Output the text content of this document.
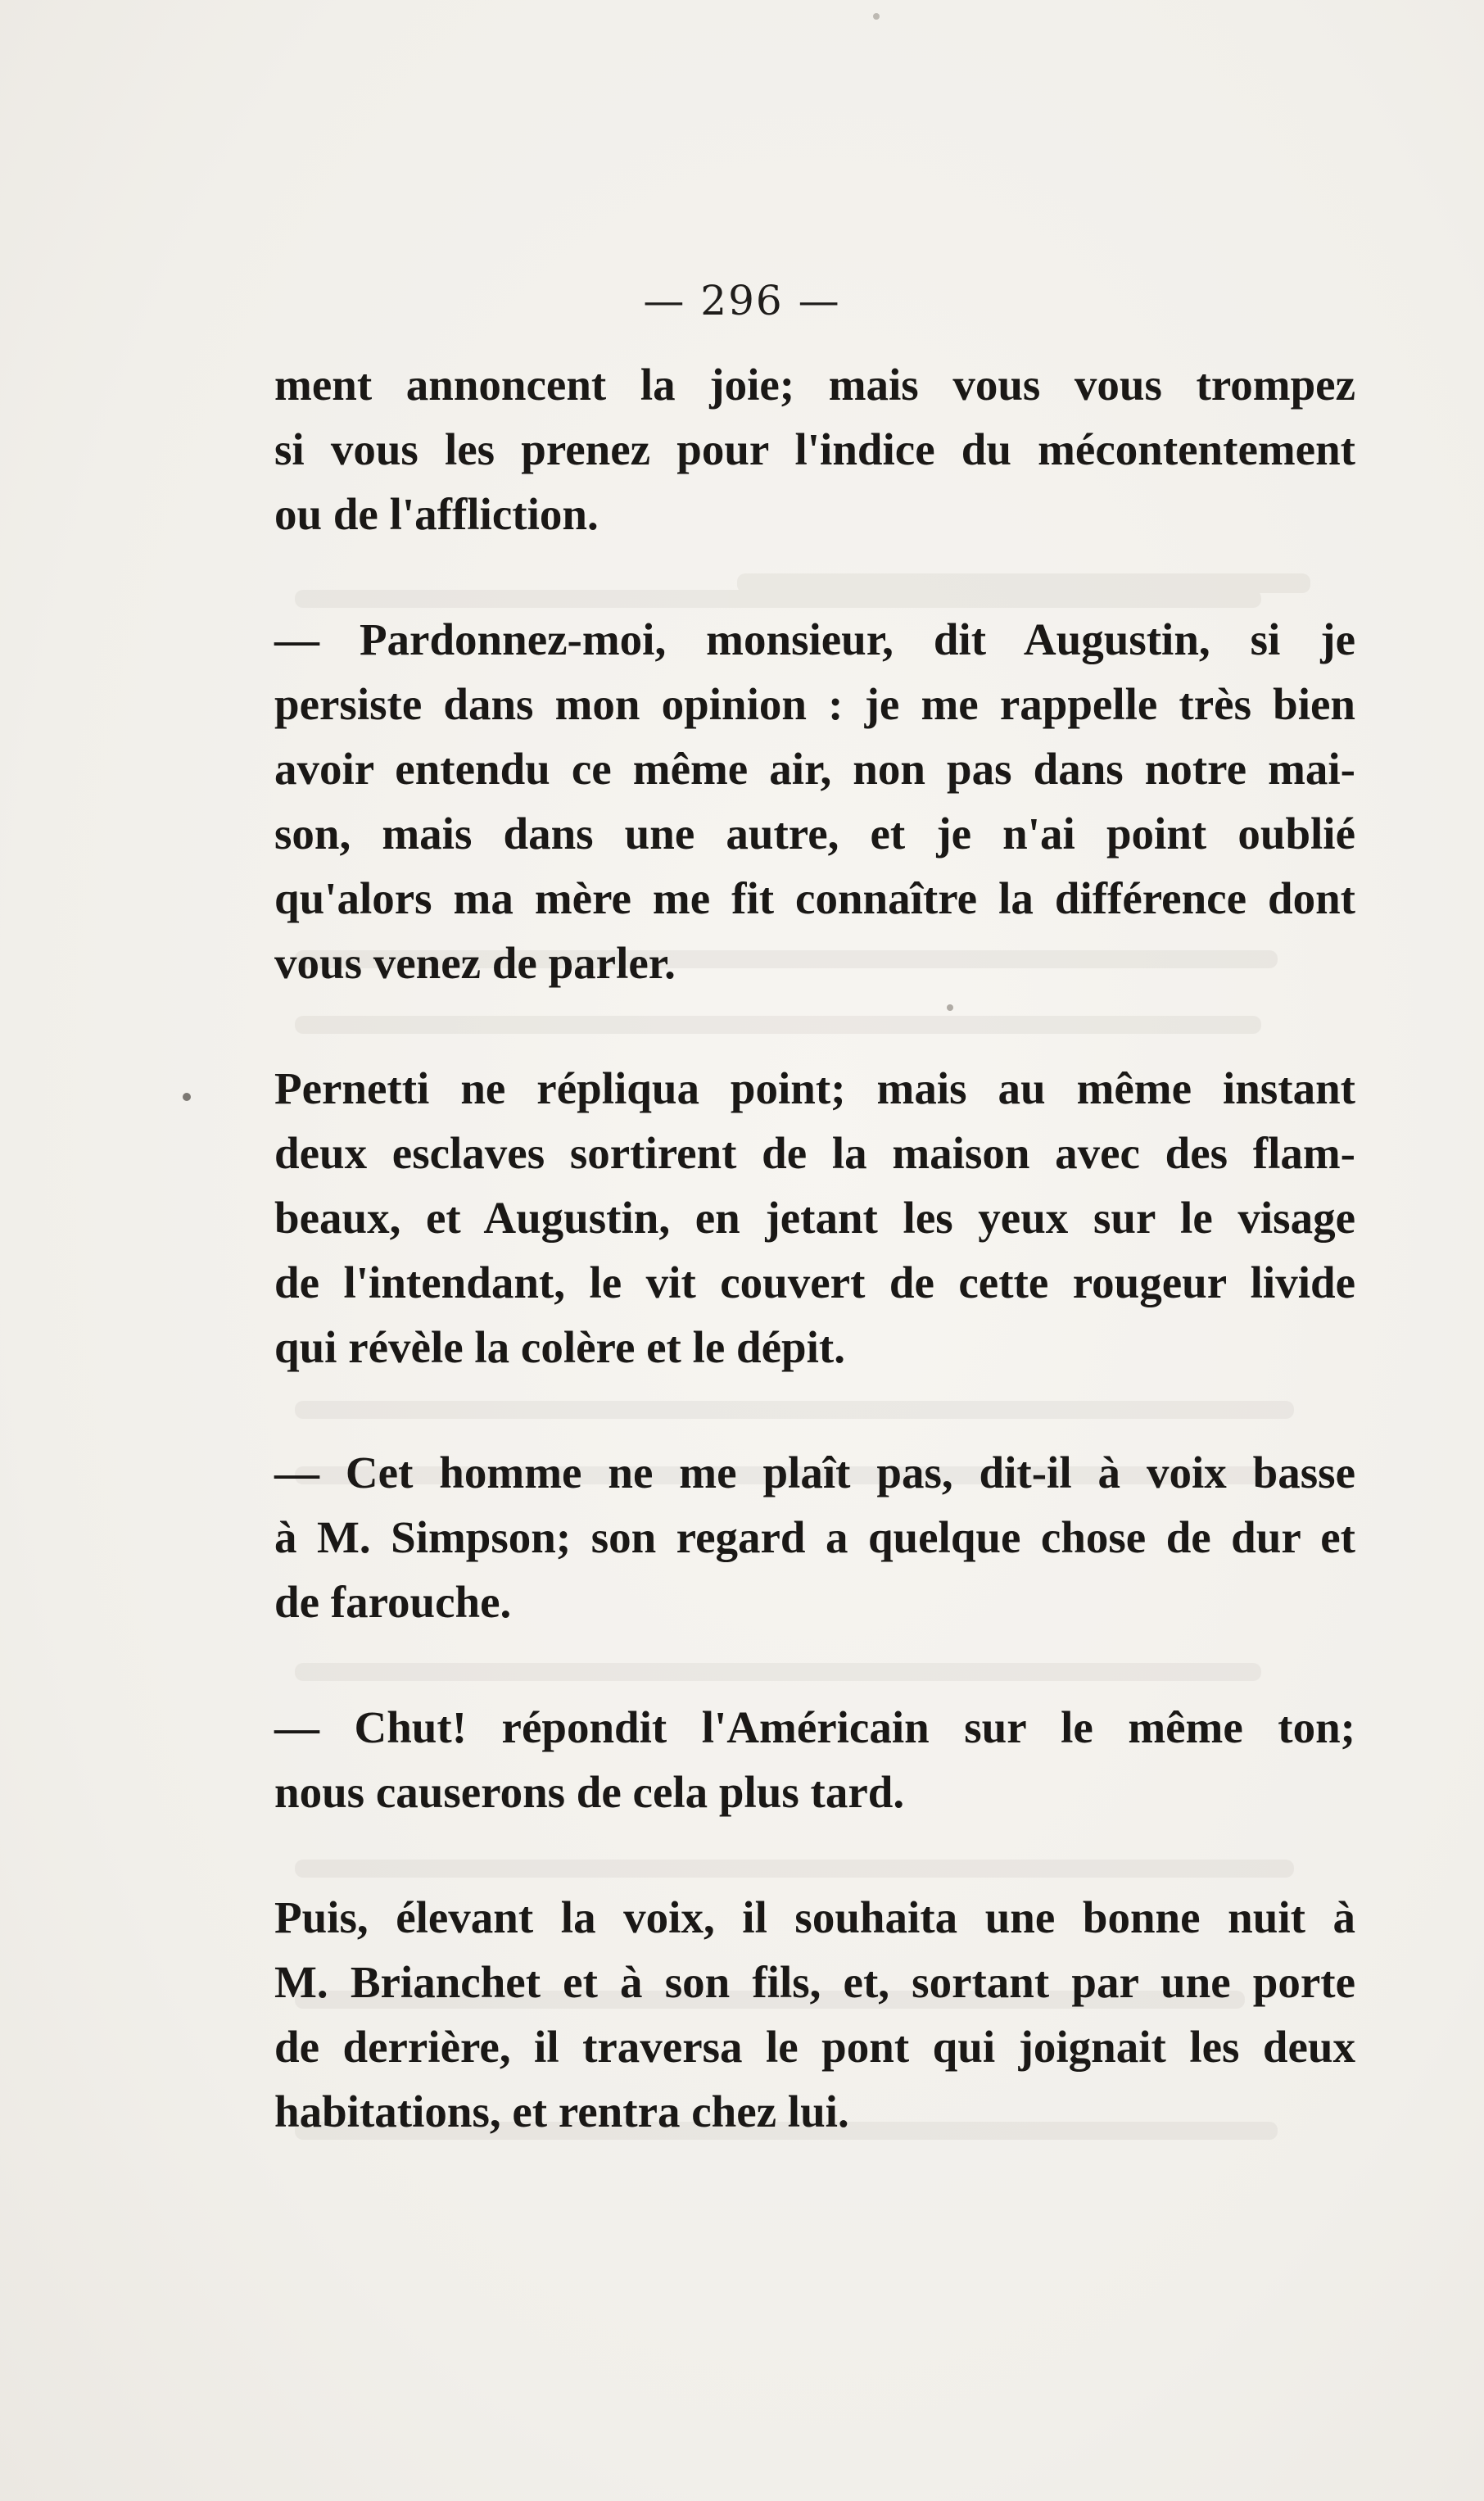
— 296 —
ment annoncent la joie; mais vous vous trompez
si vous les prenez pour l'indice du mécontentement
ou de l'affliction.
— Pardonnez-moi, monsieur, dit Augustin, si je
persiste dans mon opinion : je me rappelle très bien
avoir entendu ce même air, non pas dans notre mai-
son, mais dans une autre, et je n'ai point oublié
qu'alors ma mère me fit connaître la différence dont
vous venez de parler.
Pernetti ne répliqua point; mais au même instant
deux esclaves sortirent de la maison avec des flam-
beaux, et Augustin, en jetant les yeux sur le visage
de l'intendant, le vit couvert de cette rougeur livide
qui révèle la colère et le dépit.
— Cet homme ne me plaît pas, dit-il à voix basse
à M. Simpson; son regard a quelque chose de dur et
de farouche.
— Chut! répondit l'Américain sur le même ton;
nous causerons de cela plus tard.
Puis, élevant la voix, il souhaita une bonne nuit à
M. Brianchet et à son fils, et, sortant par une porte
de derrière, il traversa le pont qui joignait les deux
habitations, et rentra chez lui.
